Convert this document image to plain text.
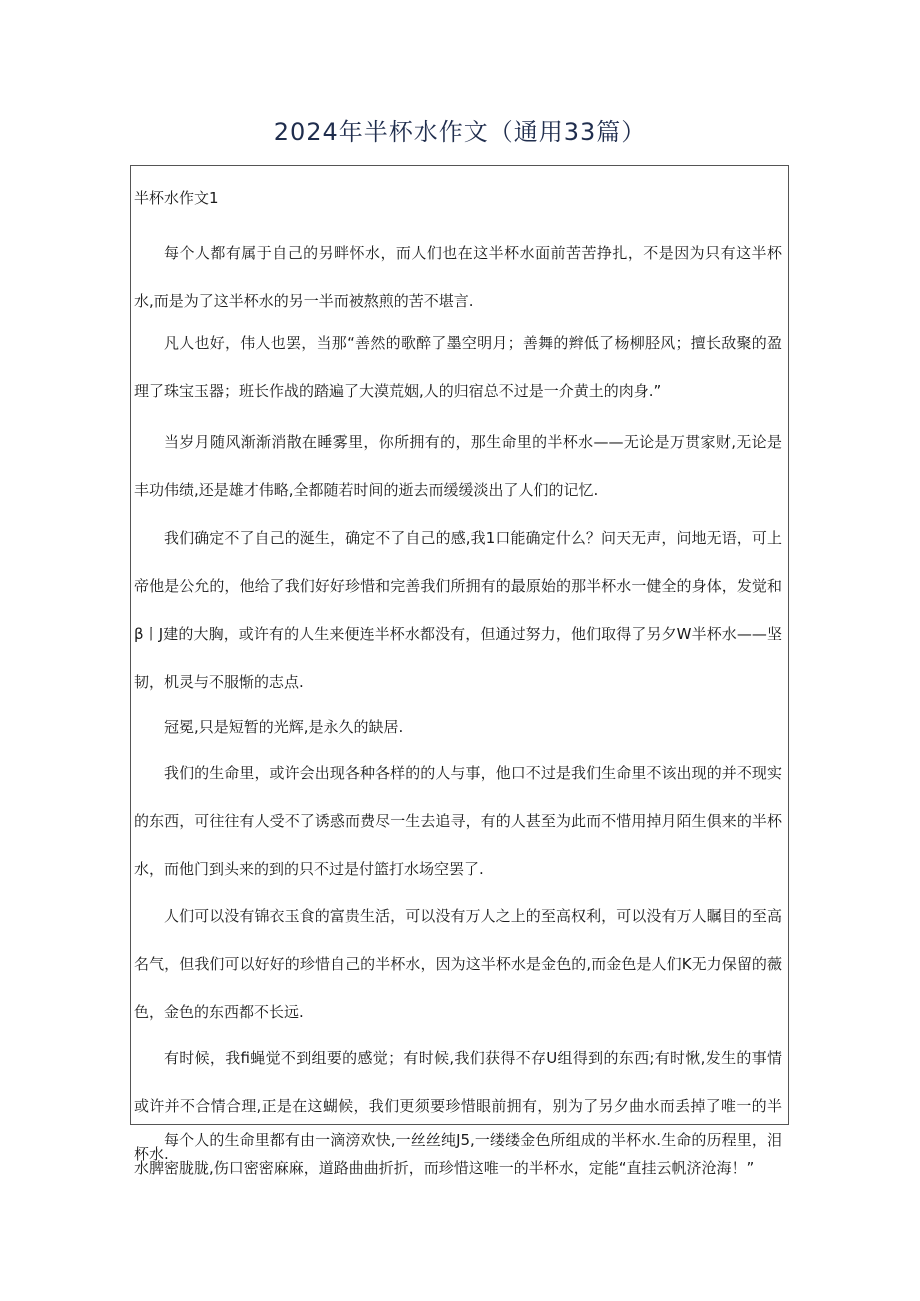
2024年半杯水作文（通用33篇）
半杯水作文1

每个人都有属于自己的另畔怀水，而人们也在这半杯水面前苦苦挣扎，不是因为只有这半杯水,而是为了这半杯水的另一半而被熬煎的苦不堪言.

凡人也好，伟人也罢，当那“善然的歌醉了墨空明月；善舞的辫低了杨柳胫风；擅长敌聚的盈理了珠宝玉器；班长作战的踏遍了大漠荒姻,人的归宿总不过是一介黄土的肉身.”

当岁月随风渐渐消散在睡雾里，你所拥有的，那生命里的半杯水——无论是万贯家财,无论是丰功伟绩,还是雄才伟略,全都随若时间的逝去而缓缓淡出了人们的记忆.

我们确定不了自己的涎生，确定不了自己的感,我1口能确定什么？问天无声，问地无语，可上帝他是公允的，他给了我们好好珍惜和完善我们所拥有的最原始的那半杯水一健全的身体，发觉和β丨J建的大胸，或许有的人生来便连半杯水都没有，但通过努力，他们取得了另夕W半杯水——坚韧，机灵与不服惭的志点.

冠冕,只是短暂的光辉,是永久的缺居.

我们的生命里，或许会出现各种各样的的人与事，他口不过是我们生命里不该出现的并不现实的东西，可往往有人受不了诱惑而费尽一生去追寻，有的人甚至为此而不惜用掉月陌生俱来的半杯水，而他门到头来的到的只不过是付篮打水场空罢了.

人们可以没有锦衣玉食的富贵生活，可以没有万人之上的至高权利，可以没有万人瞩目的至高名气，但我们可以好好的珍惜自己的半杯水，因为这半杯水是金色的,而金色是人们K无力保留的薇色，金色的东西都不长远.

有时候，我fi蝇觉不到组要的感觉；有时候,我们获得不存U组得到的东西;有时愀,发生的事情或许并不合情合理,正是在这蝴候，我们更须要珍惜眼前拥有，别为了另夕曲水而丢掉了唯一的半杯水.

每个人的生命里都有由一滴滂欢快,一丝丝纯J5,一缕缕金色所组成的半杯水.生命的历程里，泪水脾密胧胧,伤口密密麻麻，道路曲曲折折，而珍惜这唯一的半杯水，定能“直挂云帆济沧海！”
